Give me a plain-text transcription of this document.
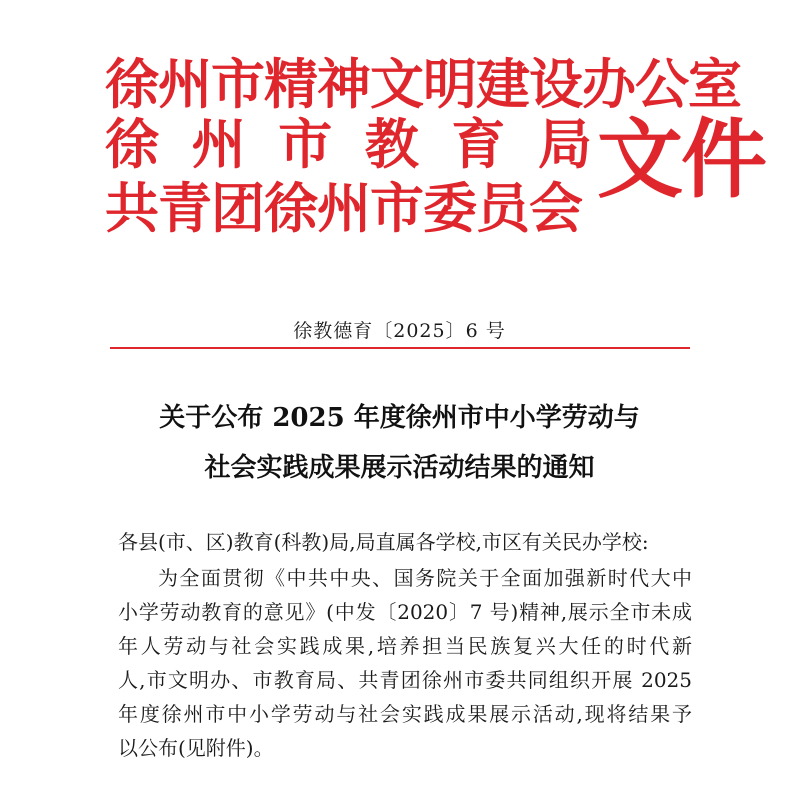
徐州市精神文明建设办公室
徐 州 市 教 育 局
共青团徐州市委员会 文件
徐教德育〔2025〕6 号
关于公布 2025 年度徐州市中小学劳动与
社会实践成果展示活动结果的通知
各县(市、区)教育(科教)局,局直属各学校,市区有关民办学校:
为全面贯彻《中共中央、国务院关于全面加强新时代大中
小学劳动教育的意见》(中发〔2020〕7 号)精神,展示全市未成
年人劳动与社会实践成果,培养担当民族复兴大任的时代新
人,市文明办、市教育局、共青团徐州市委共同组织开展 2025
年度徐州市中小学劳动与社会实践成果展示活动,现将结果予
以公布(见附件)。
